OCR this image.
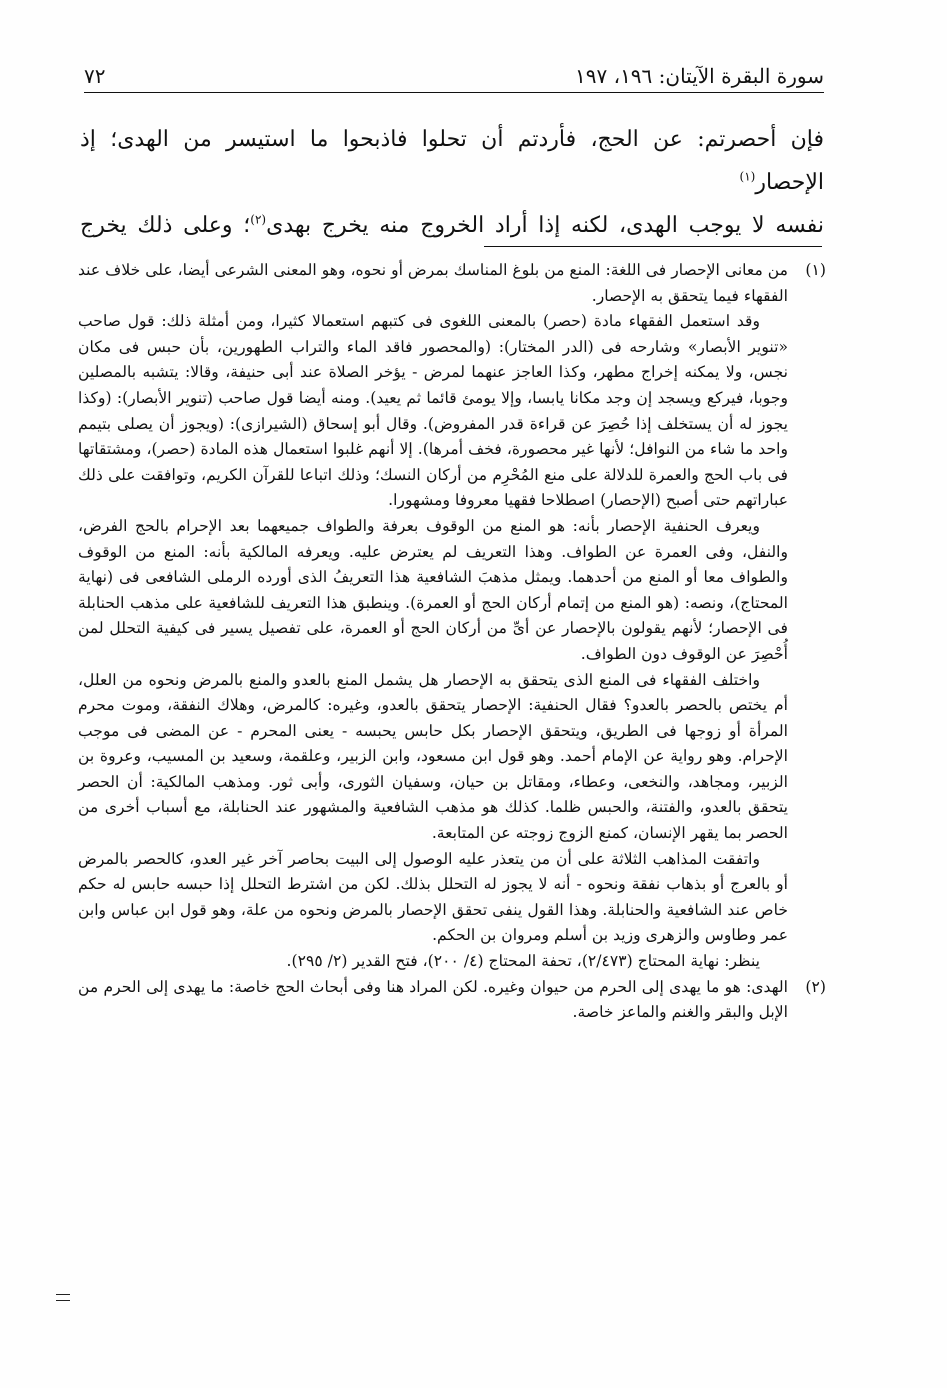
٧٢	سورة البقرة الآيتان: ١٩٦، ١٩٧

فإن أحصرتم: عن الحج، فأردتم أن تحلوا فاذبحوا ما استيسر من الهدى؛ إذ الإحصار$^{(١)}$

نفسه لا يوجب الهدى، لكنه إذا أراد الخروج منه يخرج بهدى$^{(٢)}$؛ وعلى ذلك يخرج

(١)

من معانى الإحصار فى اللغة: المنع من بلوغ المناسك بمرض أو نحوه، وهو المعنى الشرعى أيضا، على خلاف عند الفقهاء فيما يتحقق به الإحصار.

وقد استعمل الفقهاء مادة (حصر) بالمعنى اللغوى فى كتبهم استعمالا كثيرا، ومن أمثلة ذلك: قول صاحب «تنوير الأبصار» وشارحه فى (الدر المختار): (والمحصور فاقد الماء والتراب الطهورين، بأن حبس فى مكان نجس، ولا يمكنه إخراج مطهر، وكذا العاجز عنهما لمرض - يؤخر الصلاة عند أبى حنيفة، وقالا: يتشبه بالمصلين وجوبا، فيركع ويسجد إن وجد مكانا يابسا، وإلا يومئ قائما ثم يعيد). ومنه أيضا قول صاحب (تنوير الأبصار): (وكذا يجوز له أن يستخلف إذا حُصِرَ عن قراءة قدر المفروض). وقال أبو إسحاق (الشيرازى): (ويجوز أن يصلى بتيمم واحد ما شاء من النوافل؛ لأنها غير محصورة، فخف أمرها). إلا أنهم غلبوا استعمال هذه المادة (حصر)، ومشتقاتها فى باب الحج والعمرة للدلالة على منع المُحْرِم من أركان النسك؛ وذلك اتباعا للقرآن الكريم، وتوافقت على ذلك عباراتهم حتى أصبح (الإحصار) اصطلاحا فقهيا معروفا ومشهورا.

ويعرف الحنفية الإحصار بأنه: هو المنع من الوقوف بعرفة والطواف جميعهما بعد الإحرام بالحج الفرض، والنفل، وفى العمرة عن الطواف. وهذا التعريف لم يعترض عليه. ويعرفه المالكية بأنه: المنع من الوقوف والطواف معا أو المنع من أحدهما. ويمثل مذهبَ الشافعية هذا التعريفُ الذى أورده الرملى الشافعى فى (نهاية المحتاج)، ونصه: (هو المنع من إتمام أركان الحج أو العمرة). وينطبق هذا التعريف للشافعية على مذهب الحنابلة فى الإحصار؛ لأنهم يقولون بالإحصار عن أىِّ من أركان الحج أو العمرة، على تفصيل يسير فى كيفية التحلل لمن أُحْصِرَ عن الوقوف دون الطواف.

واختلف الفقهاء فى المنع الذى يتحقق به الإحصار هل يشمل المنع بالعدو والمنع بالمرض ونحوه من العلل، أم يختص بالحصر بالعدو؟ فقال الحنفية: الإحصار يتحقق بالعدو، وغيره: كالمرض، وهلاك النفقة، وموت محرم المرأة أو زوجها فى الطريق، ويتحقق الإحصار بكل حابس يحبسه - يعنى المحرم - عن المضى فى موجب الإحرام. وهو رواية عن الإمام أحمد. وهو قول ابن مسعود، وابن الزبير، وعلقمة، وسعيد بن المسيب، وعروة بن الزبير، ومجاهد، والنخعى، وعطاء، ومقاتل بن حيان، وسفيان الثورى، وأبى ثور. ومذهب المالكية: أن الحصر يتحقق بالعدو، والفتنة، والحبس ظلما. كذلك هو مذهب الشافعية والمشهور عند الحنابلة، مع أسباب أخرى من الحصر بما يقهر الإنسان، كمنع الزوج زوجته عن المتابعة.

واتفقت المذاهب الثلاثة على أن من يتعذر عليه الوصول إلى البيت بحاصر آخر غير العدو، كالحصر بالمرض أو بالعرج أو بذهاب نفقة ونحوه - أنه لا يجوز له التحلل بذلك. لكن من اشترط التحلل إذا حبسه حابس له حكم خاص عند الشافعية والحنابلة. وهذا القول ينفى تحقق الإحصار بالمرض ونحوه من علة، وهو قول ابن عباس وابن عمر وطاوس والزهرى وزيد بن أسلم ومروان بن الحكم.

ينظر: نهاية المحتاج (٢/٤٧٣)، تحفة المحتاج (٤/ ٢٠٠)، فتح القدير (٢/ ٢٩٥).

(٢)

الهدى: هو ما يهدى إلى الحرم من حيوان وغيره. لكن المراد هنا وفى أبحاث الحج خاصة: ما يهدى إلى الحرم من الإبل والبقر والغنم والماعز خاصة.
